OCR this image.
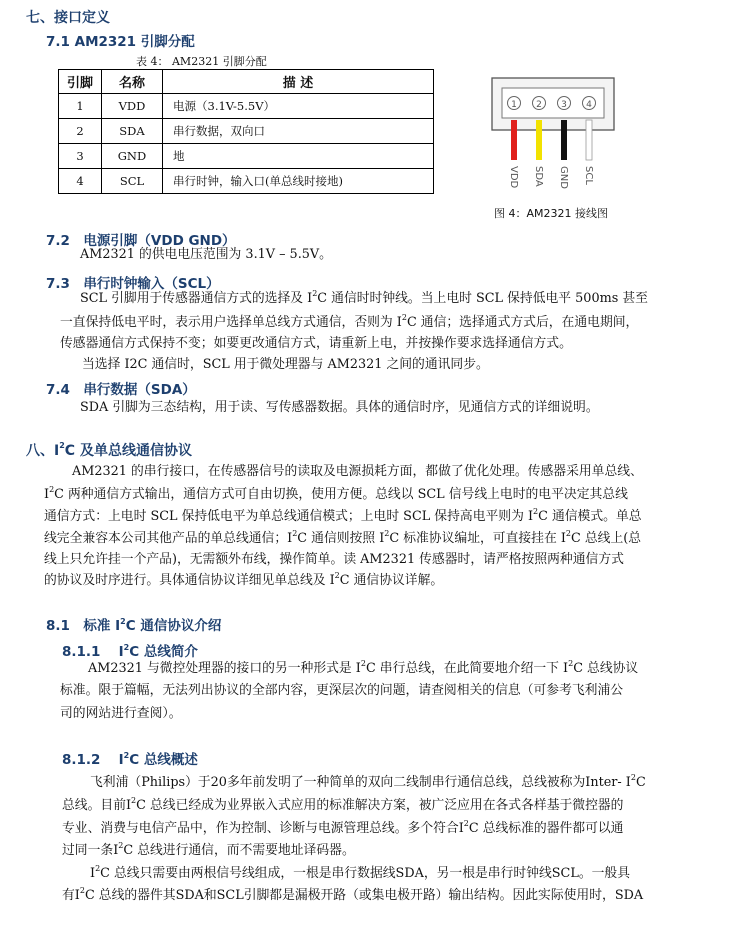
七、接口定义
7.1 AM2321 引脚分配
表 4： AM2321 引脚分配
引脚	名称	描 述
1	VDD	电源（3.1V-5.5V）
2	SDA	串行数据，双向口
3	GND	地
4	SCL	串行时钟，输入口(单总线时接地)
1 2 3 4
VDD SDA GND SCL
图 4：AM2321 接线图
7.2　电源引脚（VDD GND）
AM2321 的供电电压范围为 3.1V – 5.5V。
7.3　串行时钟输入（SCL）
SCL 引脚用于传感器通信方式的选择及 $I^2C$ 通信时时钟线。当上电时 SCL 保持低电平 500ms 甚至
一直保持低电平时，表示用户选择单总线方式通信，否则为 $I^2C$ 通信；选择通式方式后，在通电期间，
传感器通信方式保持不变；如要更改通信方式，请重新上电，并按操作要求选择通信方式。
当选择 I2C 通信时，SCL 用于微处理器与 AM2321 之间的通讯同步。
7.4　串行数据（SDA）
SDA 引脚为三态结构，用于读、写传感器数据。具体的通信时序，见通信方式的详细说明。
八、$I^2C$ 及单总线通信协议
AM2321 的串行接口，在传感器信号的读取及电源损耗方面，都做了优化处理。传感器采用单总线、
$I^2C$ 两种通信方式输出，通信方式可自由切换，使用方便。总线以 SCL 信号线上电时的电平决定其总线
通信方式：上电时 SCL 保持低电平为单总线通信模式；上电时 SCL 保持高电平则为 $I^2C$ 通信模式。单总
线完全兼容本公司其他产品的单总线通信；$I^2C$ 通信则按照 $I^2C$ 标准协议编址，可直接挂在 $I^2C$ 总线上(总
线上只允许挂一个产品)，无需额外布线，操作简单。读 AM2321 传感器时，请严格按照两种通信方式
的协议及时序进行。具体通信协议详细见单总线及 $I^2C$ 通信协议详解。
8.1　标准 $I^2C$ 通信协议介绍
8.1.1　 $I^2C$ 总线简介
AM2321 与微控处理器的接口的另一种形式是 $I^2C$ 串行总线，在此简要地介绍一下 $I^2C$ 总线协议
标准。限于篇幅，无法列出协议的全部内容，更深层次的问题，请查阅相关的信息（可参考飞利浦公
司的网站进行查阅）。
8.1.2　 $I^2C$ 总线概述
飞利浦（Philips）于20多年前发明了一种简单的双向二线制串行通信总线，总线被称为Inter- $I^2C$
总线。目前$I^2C$ 总线已经成为业界嵌入式应用的标准解决方案，被广泛应用在各式各样基于微控器的
专业、消费与电信产品中，作为控制、诊断与电源管理总线。多个符合$I^2C$ 总线标准的器件都可以通
过同一条$I^2C$ 总线进行通信，而不需要地址译码器。
$I^2C$ 总线只需要由两根信号线组成，一根是串行数据线SDA，另一根是串行时钟线SCL。一般具
有$I^2C$ 总线的器件其SDA和SCL引脚都是漏极开路（或集电极开路）输出结构。因此实际使用时，SDA
